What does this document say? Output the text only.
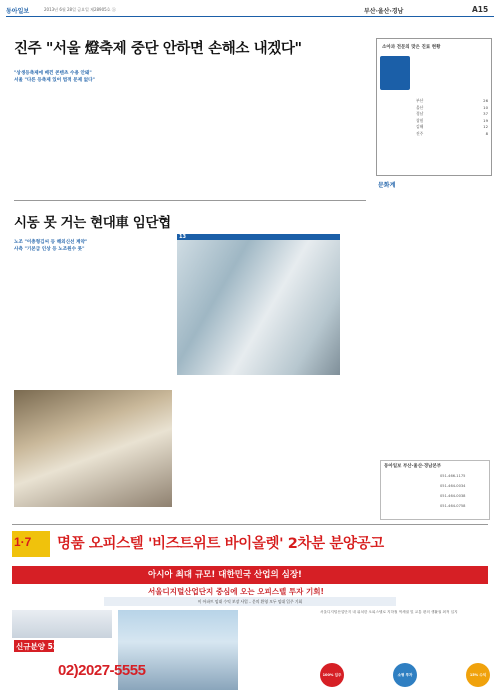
동아일보	2013년 6월 28일 금요일 제28905호 ⓐ	부산·울산·경남	A15
진주 "서울 燈축제 중단 안하면 손해소 내겠다"
"상생등축제에 베낀 콘텐츠 수용 안돼"
서울 "다른 등축제 있어 법적 문제 없다"
시동 못 거는 현대車 임단협
노조 "이충형김씨 등 해외신선 계약"
사측 "기본급 인상 등 노조원수 못"
13
소아과 전문의 맞은 진료 현황
부산	26
울산	10
경남	37
창원	19
김해	12
진주	8
문화계
동아일보 부산·울산·경남본부
051-466-1175
051-464-0034
051-464-0038
051-464-0758
1·7 명품 오피스텔 '비즈트위트 바이올렛' 2차분 분양공고
아시아 최대 규모! 대한민국 산업의 심장!
서울디지털산업단지 중심에 오는 오피스텔 투자 기회!
이 아파트 임대 수익 보장 사업 – 문의 환영 모두 임대 입주 기회
신규분양 539세대
02)2027-5555
서울디지털산업단지 내 위치한 오피스텔로 지하철 역세권 및 교통 편의 생활권 최적 입지
100% 입주	소형 투자	15% 수익
